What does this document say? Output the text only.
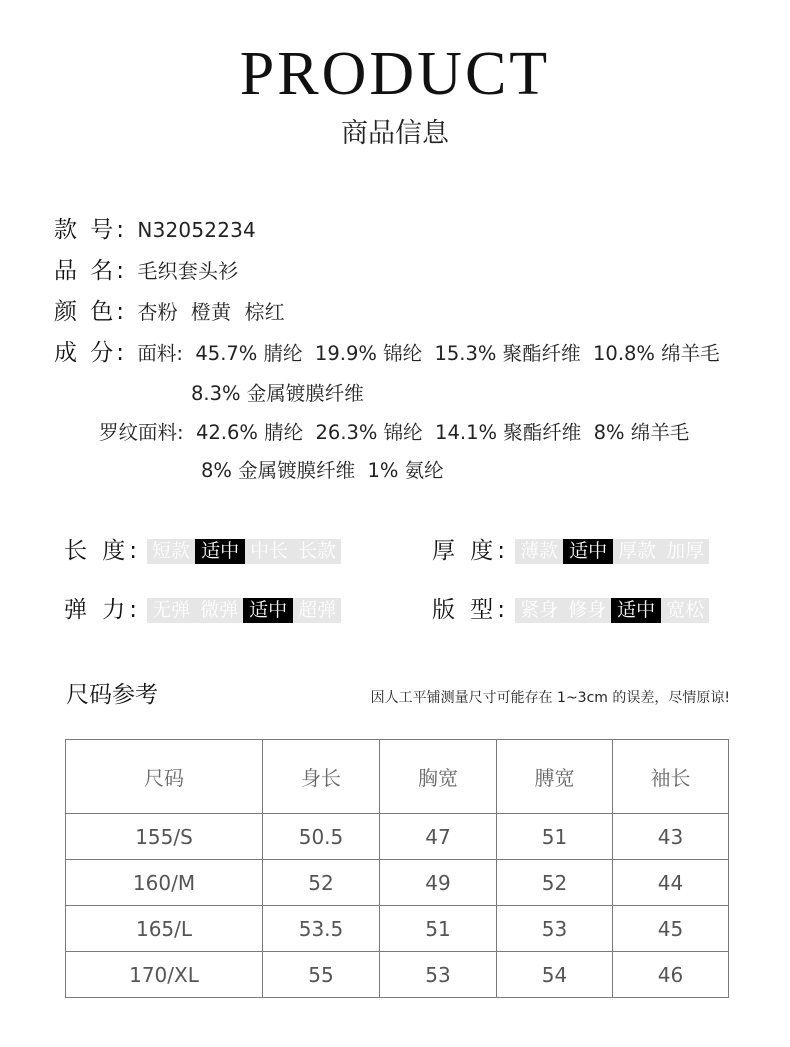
PRODUCT
商品信息
款 号: N32052234
品 名: 毛织套头衫
颜 色: 杏粉  橙黄  棕红
成 分: 面料:  45.7% 腈纶  19.9% 锦纶  15.3% 聚酯纤维  10.8% 绵羊毛
8.3% 金属镀膜纤维
罗纹面料:  42.6% 腈纶  26.3% 锦纶  14.1% 聚酯纤维  8% 绵羊毛
8% 金属镀膜纤维  1% 氨纶
长 度: 短款 适中 中长 长款	厚 度: 薄款 适中 厚款 加厚
弹 力: 无弹 微弹 适中 超弹	版 型: 紧身 修身 适中 宽松
尺码参考	因人工平铺测量尺寸可能存在 1~3cm 的误差，尽情原谅!
尺码	身长	胸宽	膊宽	袖长
155/S	50.5	47	51	43
160/M	52	49	52	44
165/L	53.5	51	53	45
170/XL	55	53	54	46
